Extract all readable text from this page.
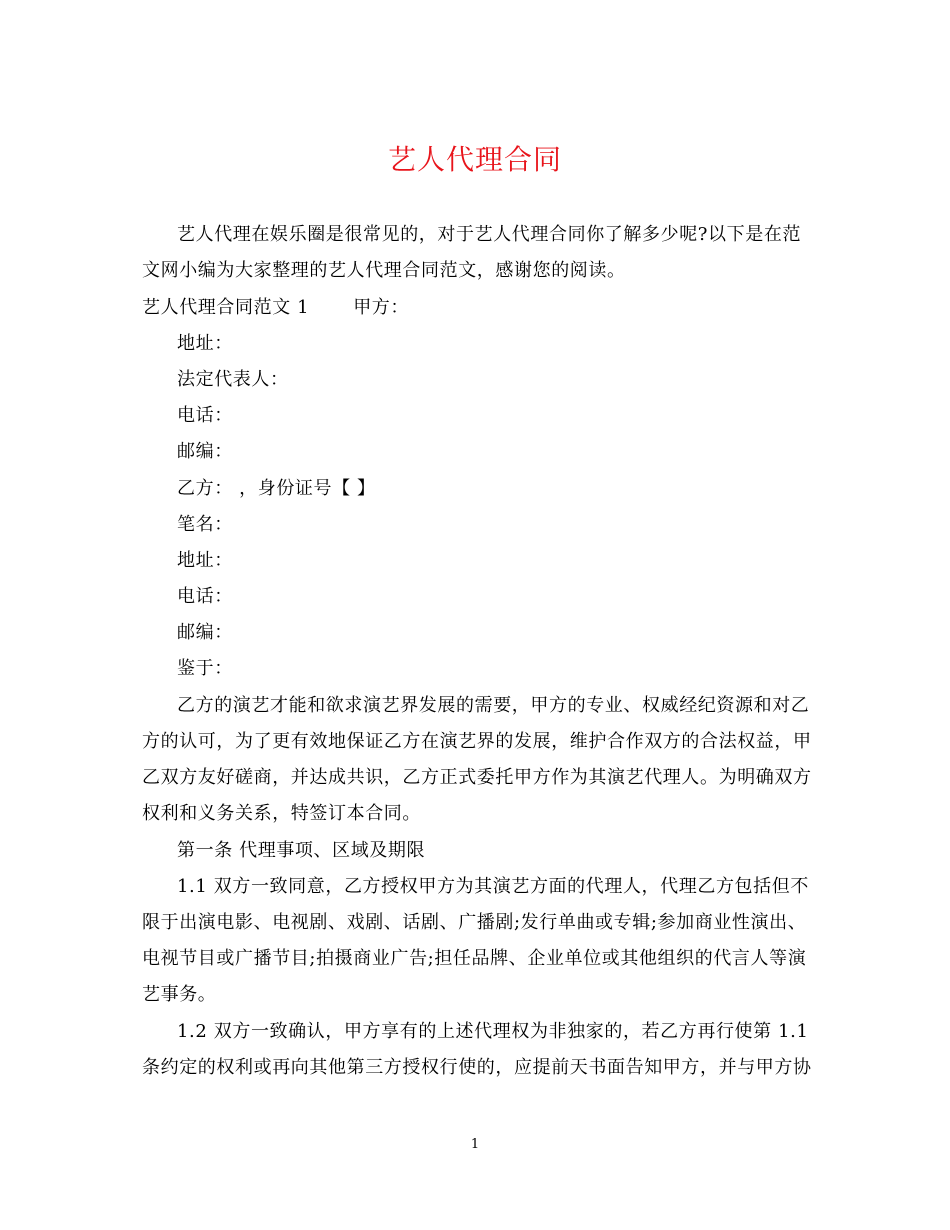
艺人代理合同
艺人代理在娱乐圈是很常见的，对于艺人代理合同你了解多少呢?以下是在范
文网小编为大家整理的艺人代理合同范文，感谢您的阅读。
艺人代理合同范文 1 甲方：
地址：
法定代表人：
电话：
邮编：
乙方： ，身份证号【 】
笔名：
地址：
电话：
邮编：
鉴于：
乙方的演艺才能和欲求演艺界发展的需要，甲方的专业、权威经纪资源和对乙
方的认可，为了更有效地保证乙方在演艺界的发展，维护合作双方的合法权益，甲
乙双方友好磋商，并达成共识，乙方正式委托甲方作为其演艺代理人。为明确双方
权利和义务关系，特签订本合同。
第一条 代理事项、区域及期限
1.1 双方一致同意，乙方授权甲方为其演艺方面的代理人，代理乙方包括但不
限于出演电影、电视剧、戏剧、话剧、广播剧;发行单曲或专辑;参加商业性演出、
电视节目或广播节目;拍摄商业广告;担任品牌、企业单位或其他组织的代言人等演
艺事务。
1.2 双方一致确认，甲方享有的上述代理权为非独家的，若乙方再行使第 1.1
条约定的权利或再向其他第三方授权行使的，应提前天书面告知甲方，并与甲方协
1
